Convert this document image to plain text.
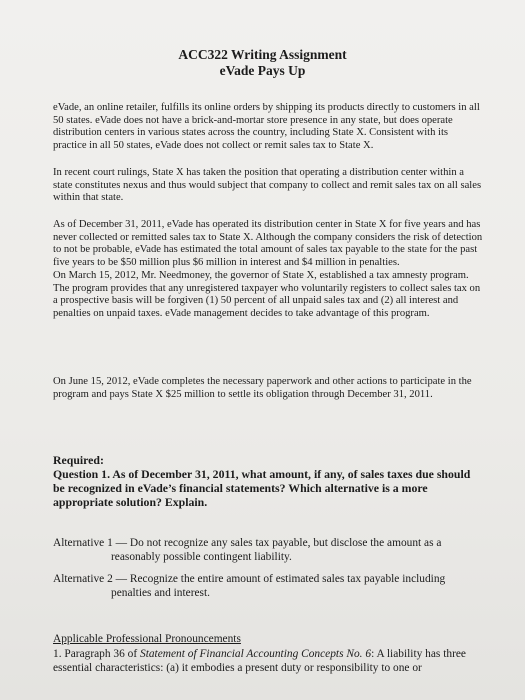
ACC322 Writing Assignment
eVade Pays Up

eVade, an online retailer, fulfills its online orders by shipping its products directly to customers in all 50 states. eVade does not have a brick-and-mortar store presence in any state, but does operate distribution centers in various states across the country, including State X. Consistent with its practice in all 50 states, eVade does not collect or remit sales tax to State X.

In recent court rulings, State X has taken the position that operating a distribution center within a state constitutes nexus and thus would subject that company to collect and remit sales tax on all sales within that state.

As of December 31, 2011, eVade has operated its distribution center in State X for five years and has never collected or remitted sales tax to State X. Although the company considers the risk of detection to not be probable, eVade has estimated the total amount of sales tax payable to the state for the past five years to be $50 million plus $6 million in interest and $4 million in penalties.

On March 15, 2012, Mr. Needmoney, the governor of State X, established a tax amnesty program. The program provides that any unregistered taxpayer who voluntarily registers to collect sales tax on a prospective basis will be forgiven (1) 50 percent of all unpaid sales tax and (2) all interest and penalties on unpaid taxes. eVade management decides to take advantage of this program.

On June 15, 2012, eVade completes the necessary paperwork and other actions to participate in the program and pays State X $25 million to settle its obligation through December 31, 2011.

Required:

Question 1. As of December 31, 2011, what amount, if any, of sales taxes due should be recognized in eVade’s financial statements? Which alternative is a more appropriate solution? Explain.

Alternative 1 — Do not recognize any sales tax payable, but disclose the amount as a
reasonably possible contingent liability.
Alternative 2 — Recognize the entire amount of estimated sales tax payable including
penalties and interest.
Applicable Professional Pronouncements

1. Paragraph 36 of Statement of Financial Accounting Concepts No. 6: A liability has three essential characteristics: (a) it embodies a present duty or responsibility to one or
